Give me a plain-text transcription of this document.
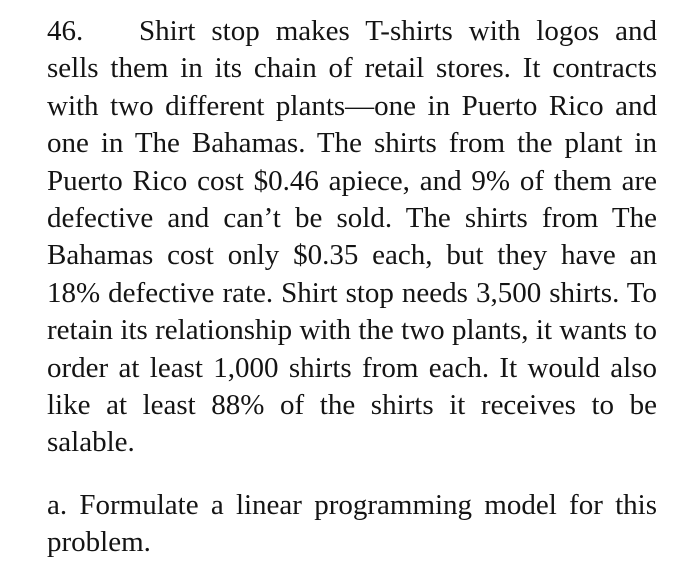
46. Shirt stop makes T-shirts with logos and sells them in its chain of retail stores. It contracts with two different plants—one in Puerto Rico and one in The Bahamas. The shirts from the plant in Puerto Rico cost $0.46 apiece, and 9% of them are defective and can’t be sold. The shirts from The Bahamas cost only $0.35 each, but they have an 18% defective rate. Shirt stop needs 3,500 shirts. To retain its relationship with the two plants, it wants to order at least 1,000 shirts from each. It would also like at least 88% of the shirts it receives to be salable.

a. Formulate a linear programming model for this problem.
